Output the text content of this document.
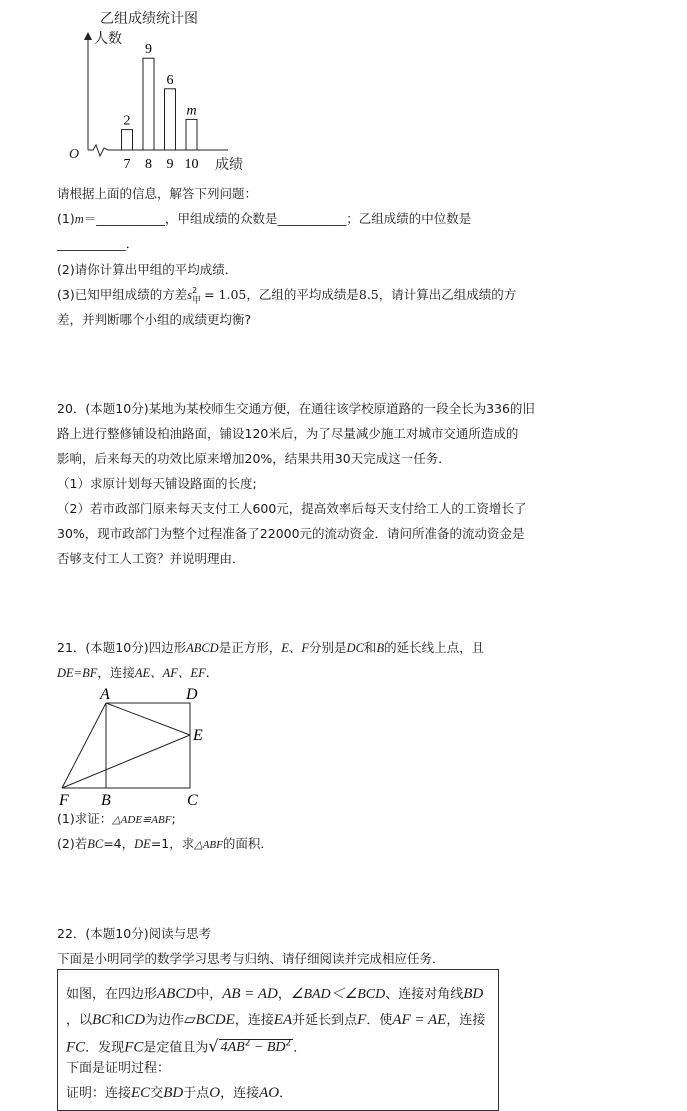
乙组成绩统计图
人数
成绩
O
2
7
9
8
6
9
m
10
请根据上面的信息，解答下列问题：
(1)m＝___________，甲组成绩的众数是___________；乙组成绩的中位数是
___________．
(2)请你计算出甲组的平均成绩．
(3)已知甲组成绩的方差s 2
甲 = 1.05，乙组的平均成绩是8.5，请计算出乙组成绩的方
差，并判断哪个小组的成绩更均衡?
20．(本题10分)某地为某校师生交通方便，在通往该学校原道路的一段全长为336的旧
路上进行整修铺设柏油路面，铺设120米后，为了尽量减少施工对城市交通所造成的
影响，后来每天的功效比原来增加20%，结果共用30天完成这一任务．
（1）求原计划每天铺设路面的长度;
（2）若市政部门原来每天支付工人600元，提高效率后每天支付给工人的工资增长了
30%，现市政部门为整个过程准备了22000元的流动资金．请问所准备的流动资金是
否够支付工人工资？并说明理由．
21．(本题10分)四边形ABCD是正方形，E、F分别是DC和B的延长线上点，且
DE=BF，连接AE、AF、EF．
A	D
E
F B	C
(1)求证：△ADE≌ABF;
(2)若BC=4，DE=1，求△ABF的面积．
22．(本题10分)阅读与思考
下面是小明同学的数学学习思考与归纳、请仔细阅读并完成相应任务．
如图，在四边形ABCD中，AB = AD，∠BAD＜∠BCD、连接对角线BD
，以BC和CD为边作▱BCDE，连接EA并延长到点F．使AF = AE，连接
FC．发现FC是定值且为√ $4AB^2 - BD^2$ ．
下面是证明过程：
证明：连接EC交BD于点O，连接AO．
